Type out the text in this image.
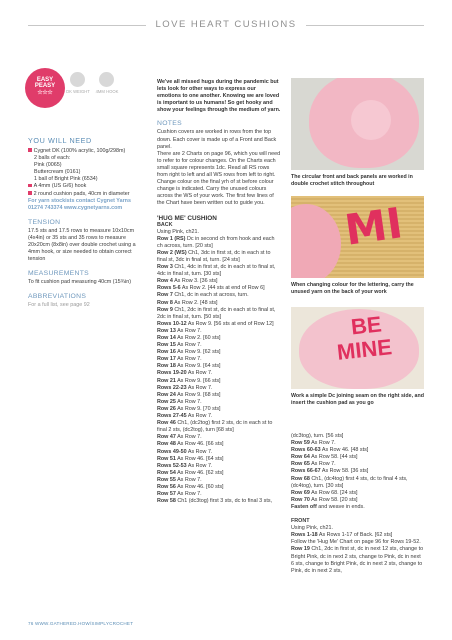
LOVE HEART CUSHIONS
EASY
PEASY
✫✫✫	DK WEIGHT	4MM HOOK
YOU WILL NEED
Cygnet DK (100% acrylic, 100g/298m)
2 balls of each:
Pink (0065)
Buttercream (0161)
1 ball of Bright Pink (6534)
A 4mm (US G/6) hook
2 round cushion pads, 40cm in diameter
For yarn stockists contact Cygnet Yarns 01274 743374 www.cygnetyarns.com
TENSION
17.5 sts and 17.5 rows to measure 10x10cm (4x4in) or 35 sts and 35 rows to measure 20x20cm (8x8in) over double crochet using a 4mm hook, or size needed to obtain correct tension
MEASUREMENTS
To fit cushion pad measuring 40cm (15¾in)
ABBREVIATIONS
For a full list, see page 92
We've all missed hugs during the pandemic but lets look for other ways to express our emotions to one another. Knowing we are loved is important to us humans! So get hooky and show your feelings through the medium of yarn.
NOTES
Cushion covers are worked in rows from the top down. Each cover is made up of a Front and Back panel.
There are 2 Charts on page 96, which you will need to refer to for colour changes. On the Charts each small square represents 1dc. Read all RS rows from right to left and all WS rows from left to right.
Change colour on the final yrh of st before colour change is indicated. Carry the unused colours across the WS of your work. The first few lines of the Chart have been written out to guide you.
'HUG ME' CUSHION
BACK
Using Pink, ch21.
Row 1 (RS) Dc in second ch from hook and each ch across, turn. [20 sts]
Row 2 (WS) Ch1, 3dc in first st, dc in each st to final st, 3dc in final st, turn. [24 sts]
Row 3 Ch1, 4dc in first st, dc in each st to final st, 4dc in final st, turn. [30 sts]
Row 4 As Row 3. [36 sts]
Rows 5-6 As Row 2. [44 sts at end of Row 6]
Row 7 Ch1, dc in each st across, turn.
Row 8 As Row 2. [48 sts]
Row 9 Ch1, 2dc in first st, dc in each st to final st, 2dc in final st, turn. [50 sts]
Rows 10-12 As Row 9. [56 sts at end of Row 12]
Row 13 As Row 7.
Row 14 As Row 2. [60 sts]
Row 15 As Row 7.
Row 16 As Row 9. [62 sts]
Row 17 As Row 7.
Row 18 As Row 9. [64 sts]
Rows 19-20 As Row 7.
Row 21 As Row 9. [66 sts]
Rows 22-23 As Row 7.
Row 24 As Row 9. [68 sts]
Row 25 As Row 7.
Row 26 As Row 9. [70 sts]
Rows 27-45 As Row 7.
Row 46 Ch1, (dc2tog) first 2 sts, dc in each st to final 2 sts, (dc2tog), turn [68 sts]
Row 47 As Row 7.
Row 48 As Row 46. [66 sts]
Rows 49-50 As Row 7.
Row 51 As Row 46. [64 sts]
Rows 52-53 As Row 7.
Row 54 As Row 46. [62 sts]
Row 55 As Row 7.
Row 56 As Row 46. [60 sts]
Row 57 As Row 7.
Row 58 Ch1 (dc3tog) first 3 sts, dc to final 3 sts,
The circular front and back panels are worked in double crochet stitch throughout
MI
When changing colour for the lettering, carry the unused yarn on the back of your work
BE
MINE
Work a simple Dc joining seam on the right side, and insert the cushion pad as you go
(dc3tog), turn. [56 sts]
Row 59 As Row 7.
Rows 60-63 As Row 46. [48 sts]
Row 64 As Row 58. [44 sts]
Row 65 As Row 7.
Rows 66-67 As Row 58. [36 sts]
Row 68 Ch1, (dc4tog) first 4 sts, dc to final 4 sts, (dc4tog), turn. [30 sts]
Row 69 As Row 68. [24 sts]
Row 70 As Row 58. [20 sts]
Fasten off and weave in ends.
FRONT
Using Pink, ch21.
Rows 1-18 As Rows 1-17 of Back. [62 sts]
Follow the 'Hug Me' Chart on page 96 for Rows 19-52.
Row 19 Ch1, 2dc in first st, dc in next 12 sts, change to Bright Pink, dc in next 2 sts, change to Pink, dc in next 6 sts, change to Bright Pink, dc in next 2 sts, change to Pink, dc in next 2 sts,
76 WWW.GATHERED.HOW/SIMPLYCROCHET
